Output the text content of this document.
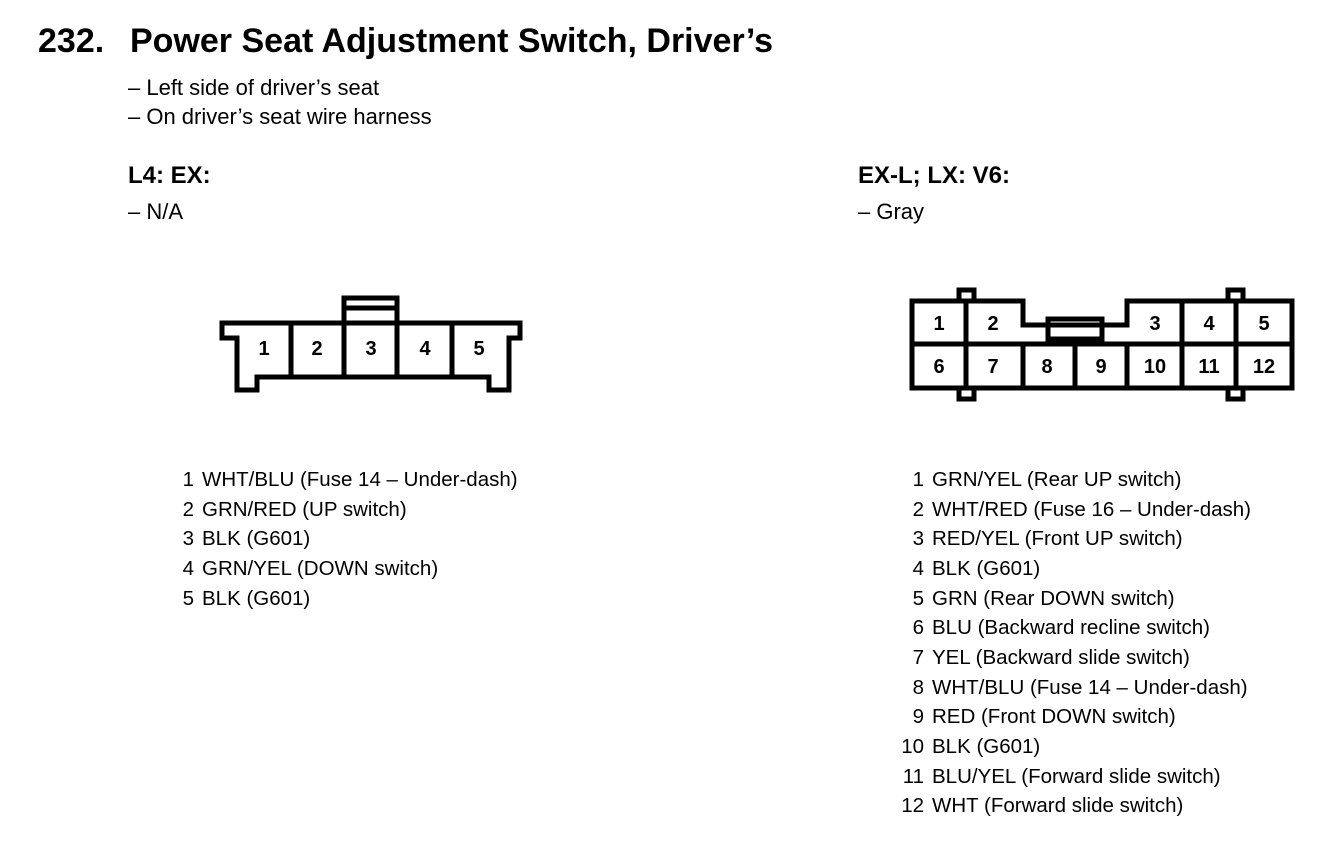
232. Power Seat Adjustment Switch, Driver’s
– Left side of driver’s seat
– On driver’s seat wire harness
L4: EX:
– N/A
EX-L; LX: V6:
– Gray
1 2 3 4 5
1 2	3 4 5
6 7 8 9 10 11 12
1 WHT/BLU (Fuse 14 – Under-dash)
2 GRN/RED (UP switch)
3 BLK (G601)
4 GRN/YEL (DOWN switch)
5 BLK (G601)
1 GRN/YEL (Rear UP switch)
2 WHT/RED (Fuse 16 – Under-dash)
3 RED/YEL (Front UP switch)
4 BLK (G601)
5 GRN (Rear DOWN switch)
6 BLU (Backward recline switch)
7 YEL (Backward slide switch)
8 WHT/BLU (Fuse 14 – Under-dash)
9 RED (Front DOWN switch)
10 BLK (G601)
11 BLU/YEL (Forward slide switch)
12 WHT (Forward slide switch)
